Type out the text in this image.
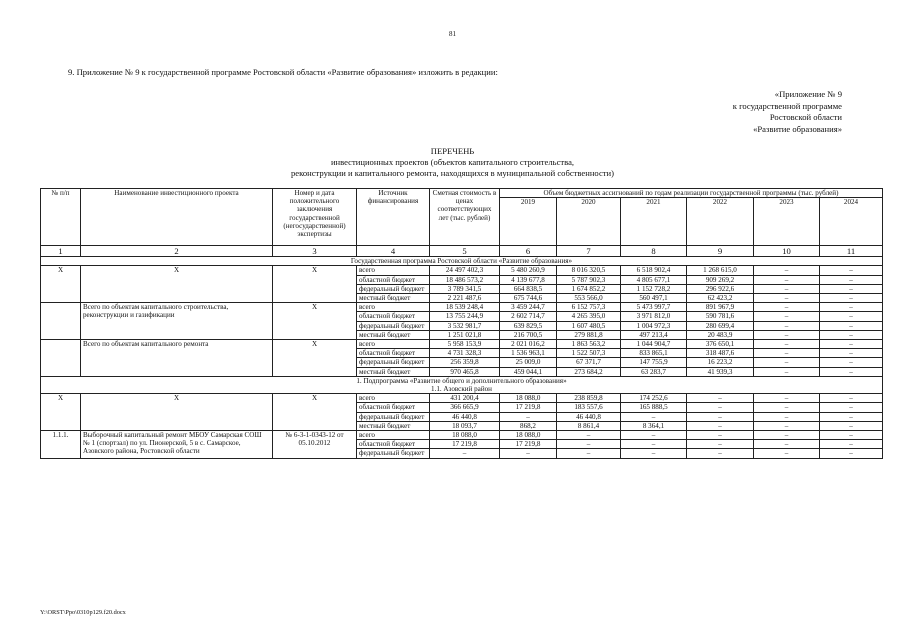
81
9. Приложение № 9 к государственной программе Ростовской области «Развитие образования» изложить в редакции:
«Приложение № 9
к государственной программе
Ростовской области
«Развитие образования»
ПЕРЕЧЕНЬ
инвестиционных проектов (объектов капитального строительства,
реконструкции и капитального ремонта, находящихся в муниципальной собственности)
№ п/п	Наименование инвестиционного проекта	Номер и дата положительного заключения государственной (негосударственной) экспертизы	Источник финансирования	Сметная стоимость в ценах соответствующих лет (тыс. рублей)	Объем бюджетных ассигнований по годам реализации государственной программы (тыс. рублей)					
					2019	2020	2021	2022	2023	2024
1	2	3	4	5	6	7	8	9	10	11

Государственная программа Ростовской области «Развитие образования»										

X	X	X	всего	24 497 402,3	5 480 260,9	8 016 320,5	6 518 902,4	1 268 615,0	–	–
			областной бюджет	18 486 573,2	4 139 677,8	5 787 902,3	4 805 677,1	909 269,2	–	–
			федеральный бюджет	3 789 341,5	664 838,5	1 674 852,2	1 152 728,2	296 922,6	–	–
			местный бюджет	2 221 487,6	675 744,6	553 566,0	560 497,1	62 423,2	–	–
	Всего по объектам капитального строительства, реконструкции и газификации	X	всего	18 539 248,4	3 459 244,7	6 152 757,3	5 473 997,7	891 967,9	–	–
			областной бюджет	13 755 244,9	2 602 714,7	4 265 395,0	3 971 812,0	590 781,6	–	–
			федеральный бюджет	3 532 981,7	639 829,5	1 607 480,5	1 004 972,3	280 699,4	–	–
			местный бюджет	1 251 021,8	216 700,5	279 881,8	497 213,4	20 483,9	–	–
	Всего по объектам капитального ремонта	X	всего	5 958 153,9	2 021 016,2	1 863 563,2	1 044 904,7	376 650,1	–	–
			областной бюджет	4 731 328,3	1 536 963,1	1 522 507,3	833 865,1	318 487,6	–	–
			федеральный бюджет	256 359,8	25 009,0	67 371,7	147 755,9	16 223,2	–	–
			местный бюджет	970 465,8	459 044,1	273 684,2	63 283,7	41 939,3	–	–

1. Подпрограмма «Развитие общего и дополнительного образования»
1.1. Азовский район										

X	X	X	всего	431 200,4	18 088,0	238 859,8	174 252,6	–	–	–
			областной бюджет	366 665,9	17 219,8	183 557,6	165 888,5	–	–	–
			федеральный бюджет	46 440,8	–	46 440,8	–	–	–	–
			местный бюджет	18 093,7	868,2	8 861,4	8 364,1	–	–	–
1.1.1.	Выборочный капитальный ремонт МБОУ Самарская СОШ № 1 (спортзал) по ул. Пионерской, 5 в с. Самарское, Азовского района, Ростовской области	№ 6-3-1-0343-12 от 05.10.2012	всего	18 088,0	18 088,0	–	–	–	–	–
			областной бюджет	17 219,8	17 219,8	–	–	–	–	–
			федеральный бюджет	–	–	–	–	–	–	–
Y:\ORST\Ppo\0310p129.f20.docx
